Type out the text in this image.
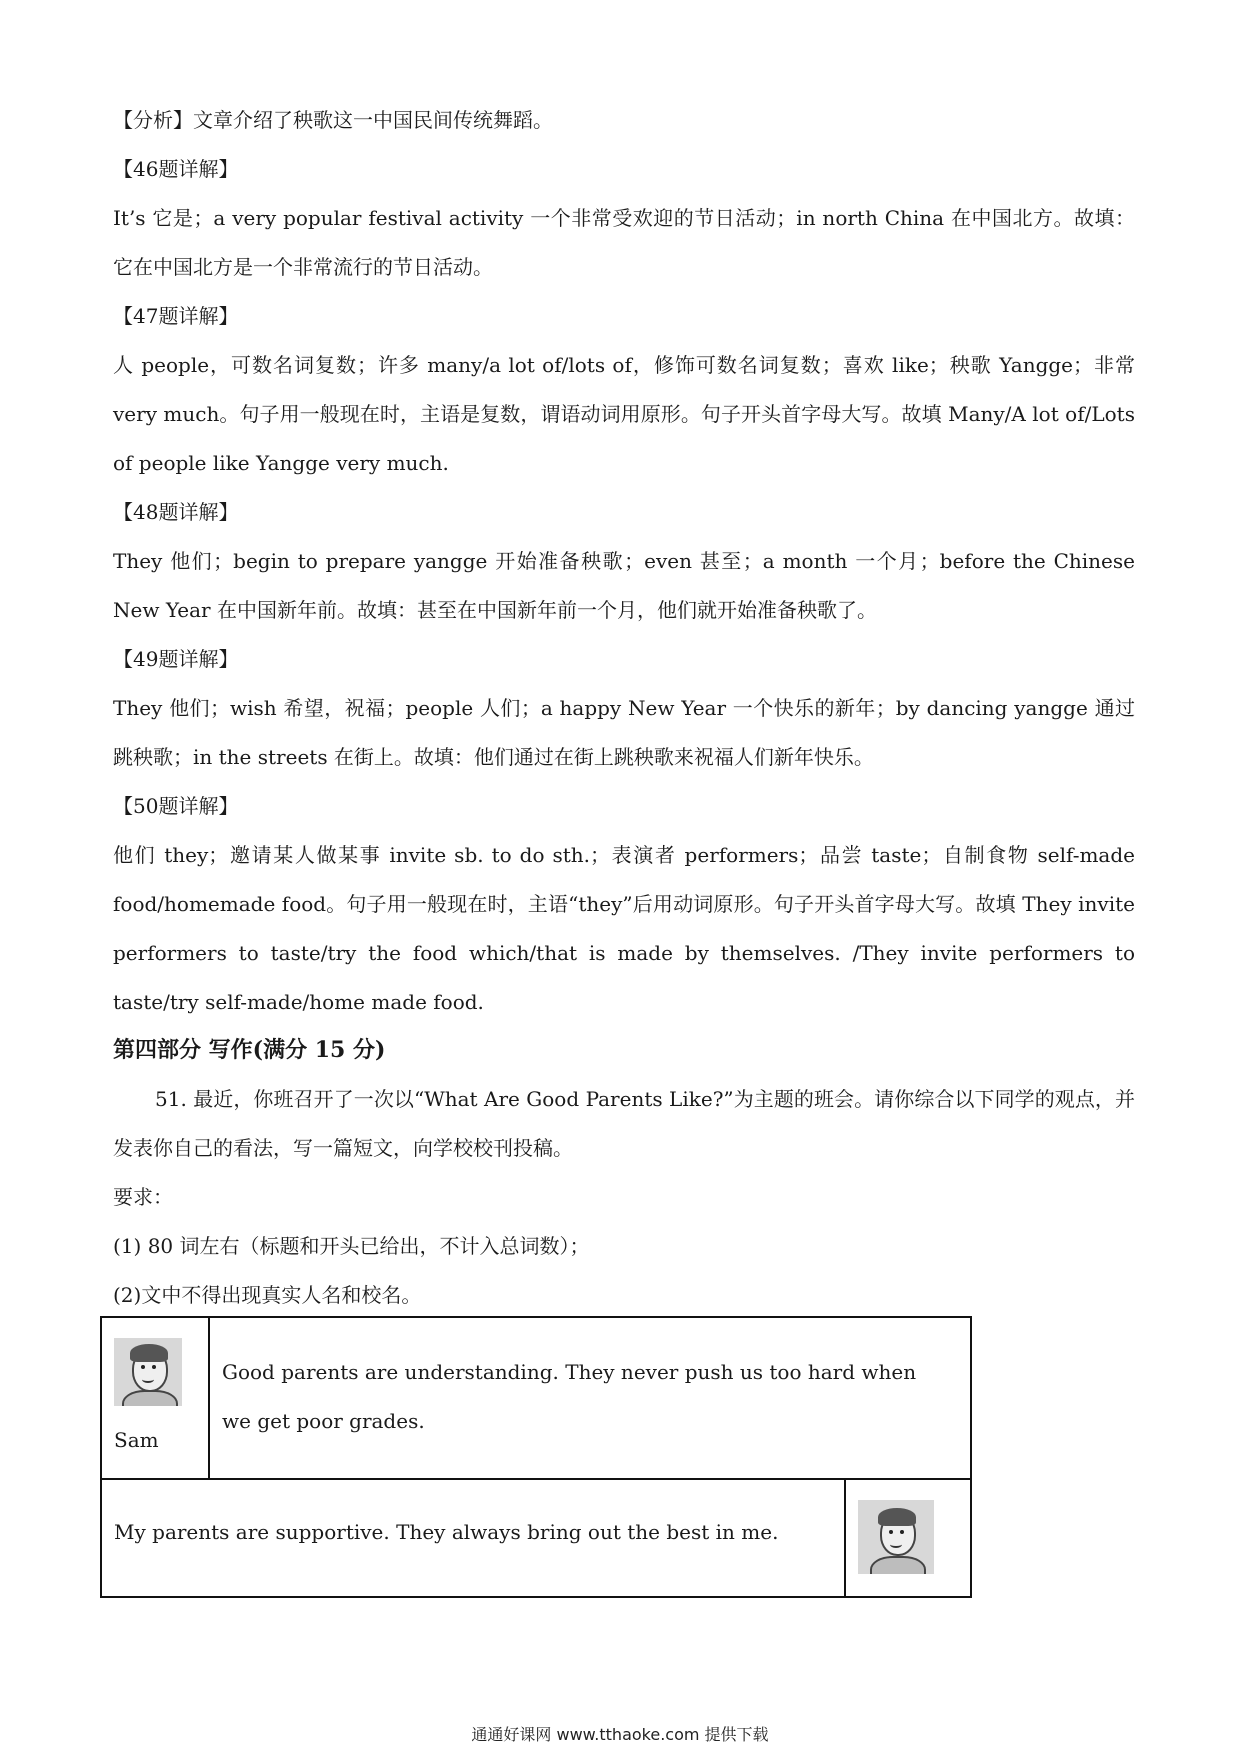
【分析】文章介绍了秧歌这一中国民间传统舞蹈。

【46题详解】

It’s 它是；a very popular festival activity 一个非常受欢迎的节日活动；in north China 在中国北方。故填：它在中国北方是一个非常流行的节日活动。

【47题详解】

人 people，可数名词复数；许多 many/a lot of/lots of，修饰可数名词复数；喜欢 like；秧歌 Yangge；非常 very much。句子用一般现在时，主语是复数，谓语动词用原形。句子开头首字母大写。故填 Many/A lot of/Lots of people like Yangge very much.

【48题详解】

They 他们；begin to prepare yangge 开始准备秧歌；even 甚至；a month 一个月；before the Chinese New Year 在中国新年前。故填：甚至在中国新年前一个月，他们就开始准备秧歌了。

【49题详解】

They 他们；wish 希望，祝福；people 人们；a happy New Year 一个快乐的新年；by dancing yangge 通过跳秧歌；in the streets 在街上。故填：他们通过在街上跳秧歌来祝福人们新年快乐。

【50题详解】

他们 they；邀请某人做某事 invite sb. to do sth.；表演者 performers；品尝 taste；自制食物 self-made food/homemade food。句子用一般现在时，主语“they”后用动词原形。句子开头首字母大写。故填 They invite performers to taste/try the food which/that is made by themselves. /They invite performers to taste/try self-made/home made food.

第四部分 写作(满分 15 分)

51. 最近，你班召开了一次以“What Are Good Parents Like?”为主题的班会。请你综合以下同学的观点，并发表你自己的看法，写一篇短文，向学校校刊投稿。

要求：

(1) 80 词左右（标题和开头已给出，不计入总词数）；

(2)文中不得出现真实人名和校名。

Sam	Good parents are understanding. They never push us too hard when we get poor grades.	
My parents are supportive. They always bring out the best in me.		
通通好课网 www.tthaoke.com 提供下载
